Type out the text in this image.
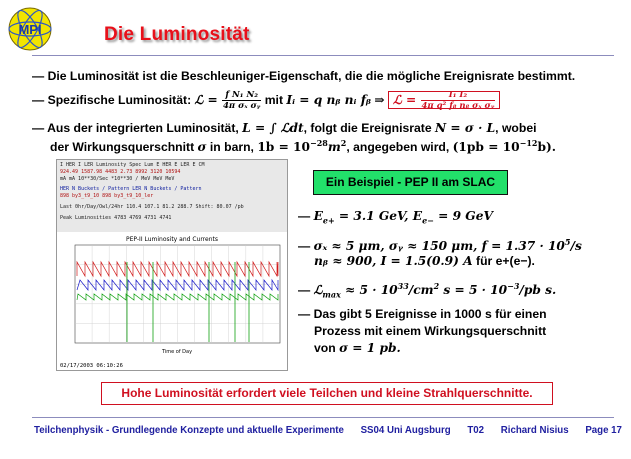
MPI	Die Luminosität
— Die Luminosität ist die Beschleuniger-Eigenschaft, die die mögliche Ereignisrate bestimmt.
— Spezifische Luminosität: ℒ = $\frac{\text{f N₁ N₂}}{\text{4π σₓ σᵧ}}$ mit Iᵢ = q nᵦ nᵢ fᵦ ⇒ ℒ = $\frac{\text{I₁ I₂}}{\text{4π q² fᵦ nᵦ σₓ σᵧ}}$
— Aus der integrierten Luminosität, L = ∫ ℒdt, folgt die Ereignisrate N = σ · L, wobei
der Wirkungsquerschnitt σ in barn, $1b = 10^{-28}m^2$, angegeben wird, $(1pb = 10^{-12}b)$.
I HER I LER Luminosity Spec Lum E HER E LER E CM
924.49 1587.98 4483 2.73 8992 3120 10594
mA mA 10**30/Sec *10**30 / MeV MeV MeV
HER N Buckets / Pattern LER N Buckets / Pattern
898 by3_t9_10 898 by3_t9_10_ler
Last 0hr/Day/Owl/24hr 110.4 107.1 81.2 288.7 Shift: 80.07 /pb
Peak Luminosities 4783 4769 4731 4741
PEP-II Luminosity and Currents
Time of Day
02/17/2003 06:10:26
Ein Beispiel - PEP II am SLAC
— $E_{e+} = 3.1$ GeV, $E_{e-} = 9$ GeV
— σₓ ≈ 5 μm, σᵧ ≈ 150 μm, $f = 1.37 \cdot 10^5/s$
nᵦ ≈ 900, I = 1.5(0.9) A für e+(e−).
— ℒ$_{max}$ ≈ $5 \cdot 10^{33}/cm^2$ $s = 5 \cdot 10^{-3}/pb$ s.
— Das gibt 5 Ereignisse in 1000 s für einen
Prozess mit einem Wirkungsquerschnitt
von σ = 1 pb.
Hohe Luminosität erfordert viele Teilchen und kleine Strahlquerschnitte.
Teilchenphysik - Grundlegende Konzepte und aktuelle Experimente SS04 Uni Augsburg T02 Richard Nisius Page 17
